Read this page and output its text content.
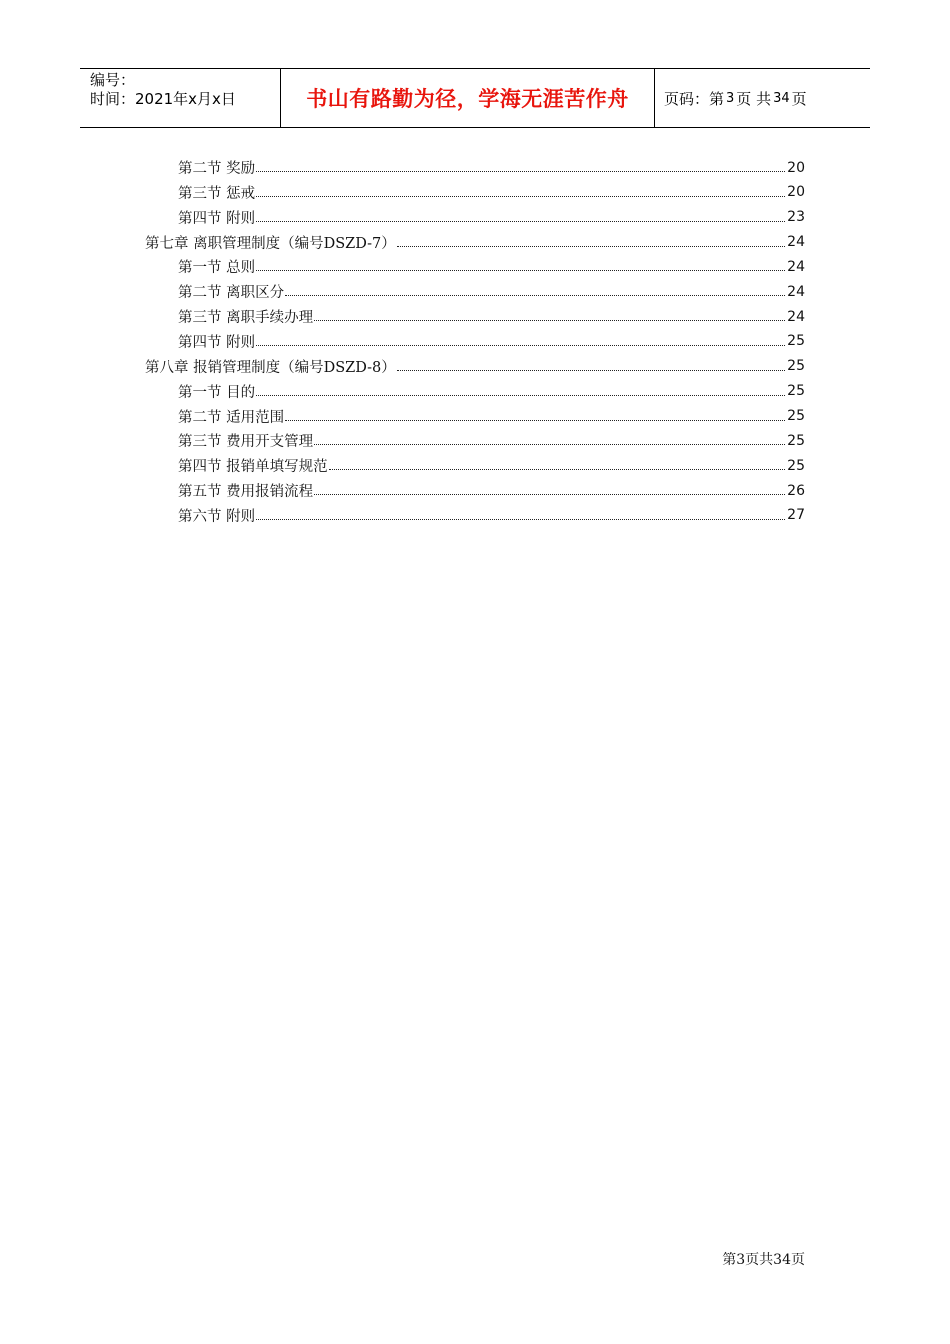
编号：
时间：2021年x月x日	书山有路勤为径，学海无涯苦作舟	页码：第 3 页 共 34 页
第二节 奖励	20
第三节 惩戒	20
第四节 附则	23
第七章 离职管理制度（编号DSZD-7）	24
第一节 总则	24
第二节 离职区分	24
第三节 离职手续办理	24
第四节 附则	25
第八章 报销管理制度（编号DSZD-8）	25
第一节 目的	25
第二节 适用范围	25
第三节 费用开支管理	25
第四节 报销单填写规范	25
第五节 费用报销流程	26
第六节 附则	27
第3页共34页
